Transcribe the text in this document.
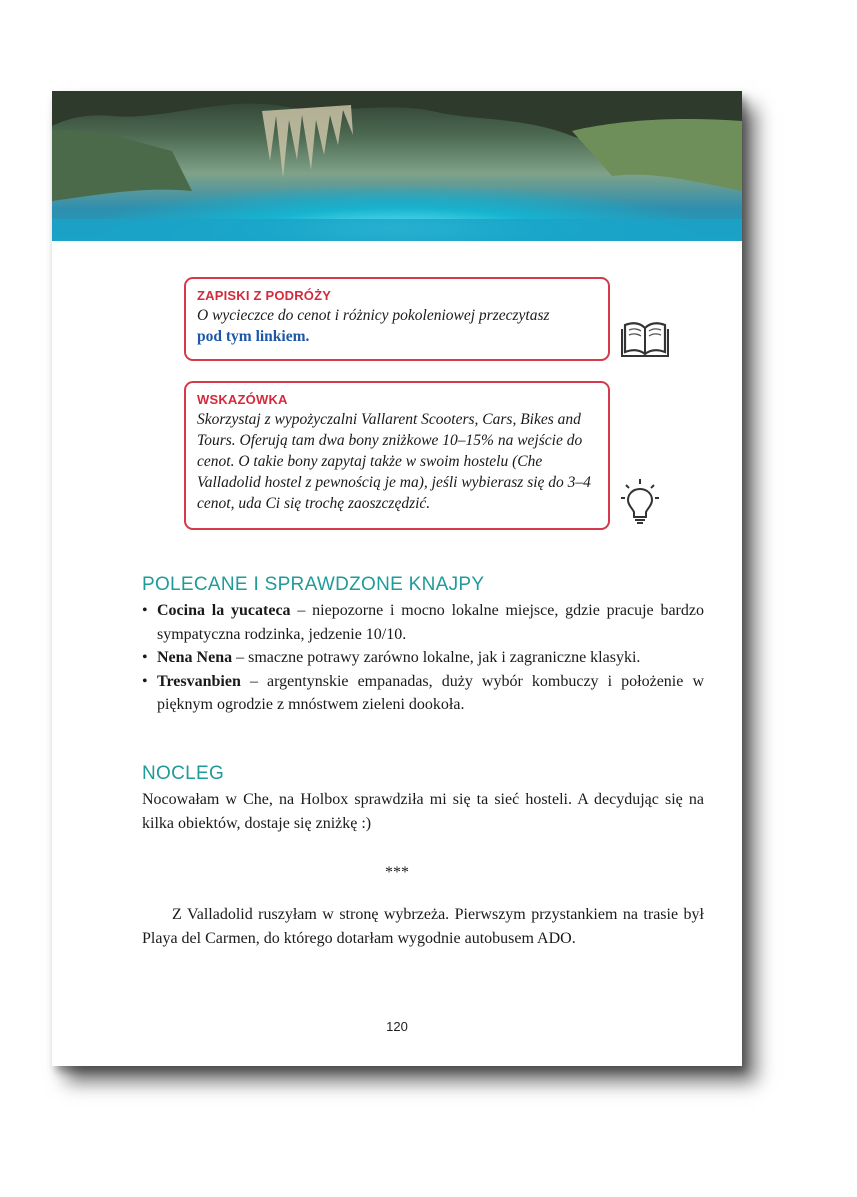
ZAPISKI Z PODRÓŻY
O wycieczce do cenot i różnicy pokoleniowej przeczytasz
pod tym linkiem.
WSKAZÓWKA
Skorzystaj z wypożyczalni Vallarent Scooters, Cars, Bikes and Tours. Oferują tam dwa bony zniżkowe 10–15% na wejście do cenot. O takie bony zapytaj także w swoim hostelu (Che Valladolid hostel z pewnością je ma), jeśli wybierasz się do 3–4 cenot, uda Ci się trochę zaoszczędzić.
POLECANE I SPRAWDZONE KNAJPY
• Cocina la yucateca – niepozorne i mocno lokalne miejsce, gdzie pracuje bardzo sympatyczna rodzinka, jedzenie 10/10.
• Nena Nena – smaczne potrawy zarówno lokalne, jak i zagraniczne klasyki.
• Tresvanbien – argentynskie empanadas, duży wybór kombuczy i położenie w pięknym ogrodzie z mnóstwem zieleni dookoła.
NOCLEG

Nocowałam w Che, na Holbox sprawdziła mi się ta sieć hosteli. A decydując się na kilka obiektów, dostaje się zniżkę :)

***

Z Valladolid ruszyłam w stronę wybrzeża. Pierwszym przystankiem na trasie był Playa del Carmen, do którego dotarłam wygodnie autobusem ADO.

120
